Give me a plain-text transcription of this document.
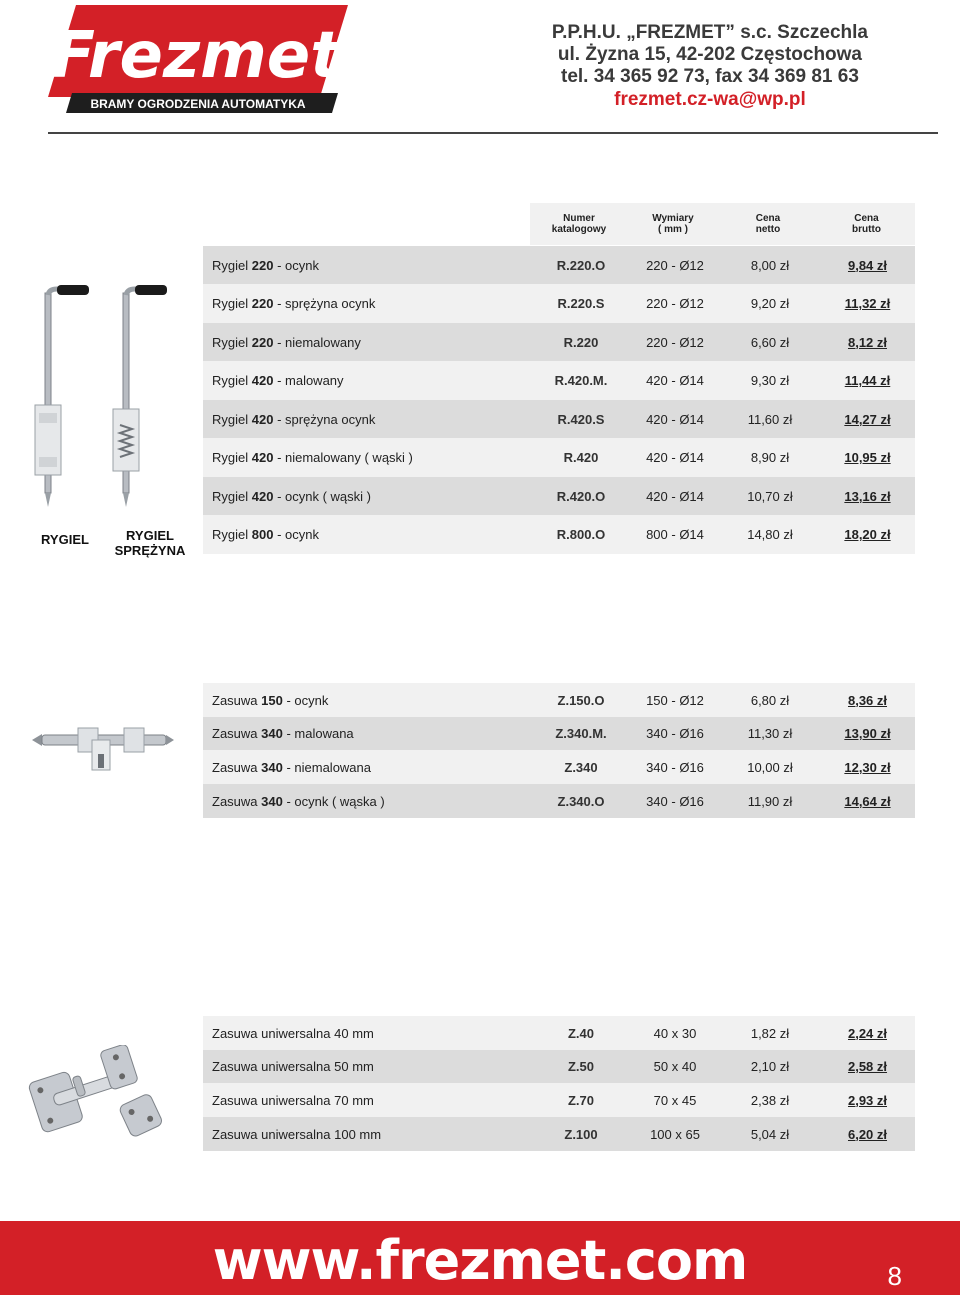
Frezmet
BRAMY OGRODZENIA AUTOMATYKA
P.P.H.U. „FREZMET” s.c. Szczechla
ul. Żyzna 15, 42-202 Częstochowa
tel. 34 365 92 73, fax 34 369 81 63
frezmet.cz-wa@wp.pl
Numer
katalogowy
Wymiary
( mm )
Cena
netto
Cena
brutto
RYGIEL	RYGIEL
SPRĘŻYNA
Rygiel 220 - ocynk	R.220.O	220 - Ø12	8,00 zł	9,84 zł
Rygiel 220 - sprężyna ocynk	R.220.S	220 - Ø12	9,20 zł	11,32 zł
Rygiel 220 - niemalowany	R.220	220 - Ø12	6,60 zł	8,12 zł
Rygiel 420 - malowany	R.420.M.	420 - Ø14	9,30 zł	11,44 zł
Rygiel 420 - sprężyna ocynk	R.420.S	420 - Ø14	11,60 zł	14,27 zł
Rygiel 420 - niemalowany ( wąski )	R.420	420 - Ø14	8,90 zł	10,95 zł
Rygiel 420 - ocynk ( wąski )	R.420.O	420 - Ø14	10,70 zł	13,16 zł
Rygiel 800 - ocynk	R.800.O	800 - Ø14	14,80 zł	18,20 zł
Zasuwa 150 - ocynk	Z.150.O	150 - Ø12	6,80 zł	8,36 zł
Zasuwa 340 - malowana	Z.340.M.	340 - Ø16	11,30 zł	13,90 zł
Zasuwa 340 - niemalowana	Z.340	340 - Ø16	10,00 zł	12,30 zł
Zasuwa 340 - ocynk ( wąska )	Z.340.O	340 - Ø16	11,90 zł	14,64 zł
Zasuwa uniwersalna 40 mm	Z.40	40 x 30	1,82 zł	2,24 zł
Zasuwa uniwersalna 50 mm	Z.50	50 x 40	2,10 zł	2,58 zł
Zasuwa uniwersalna 70 mm	Z.70	70 x 45	2,38 zł	2,93 zł
Zasuwa uniwersalna 100 mm	Z.100	100 x 65	5,04 zł	6,20 zł
www.frezmet.com	8
